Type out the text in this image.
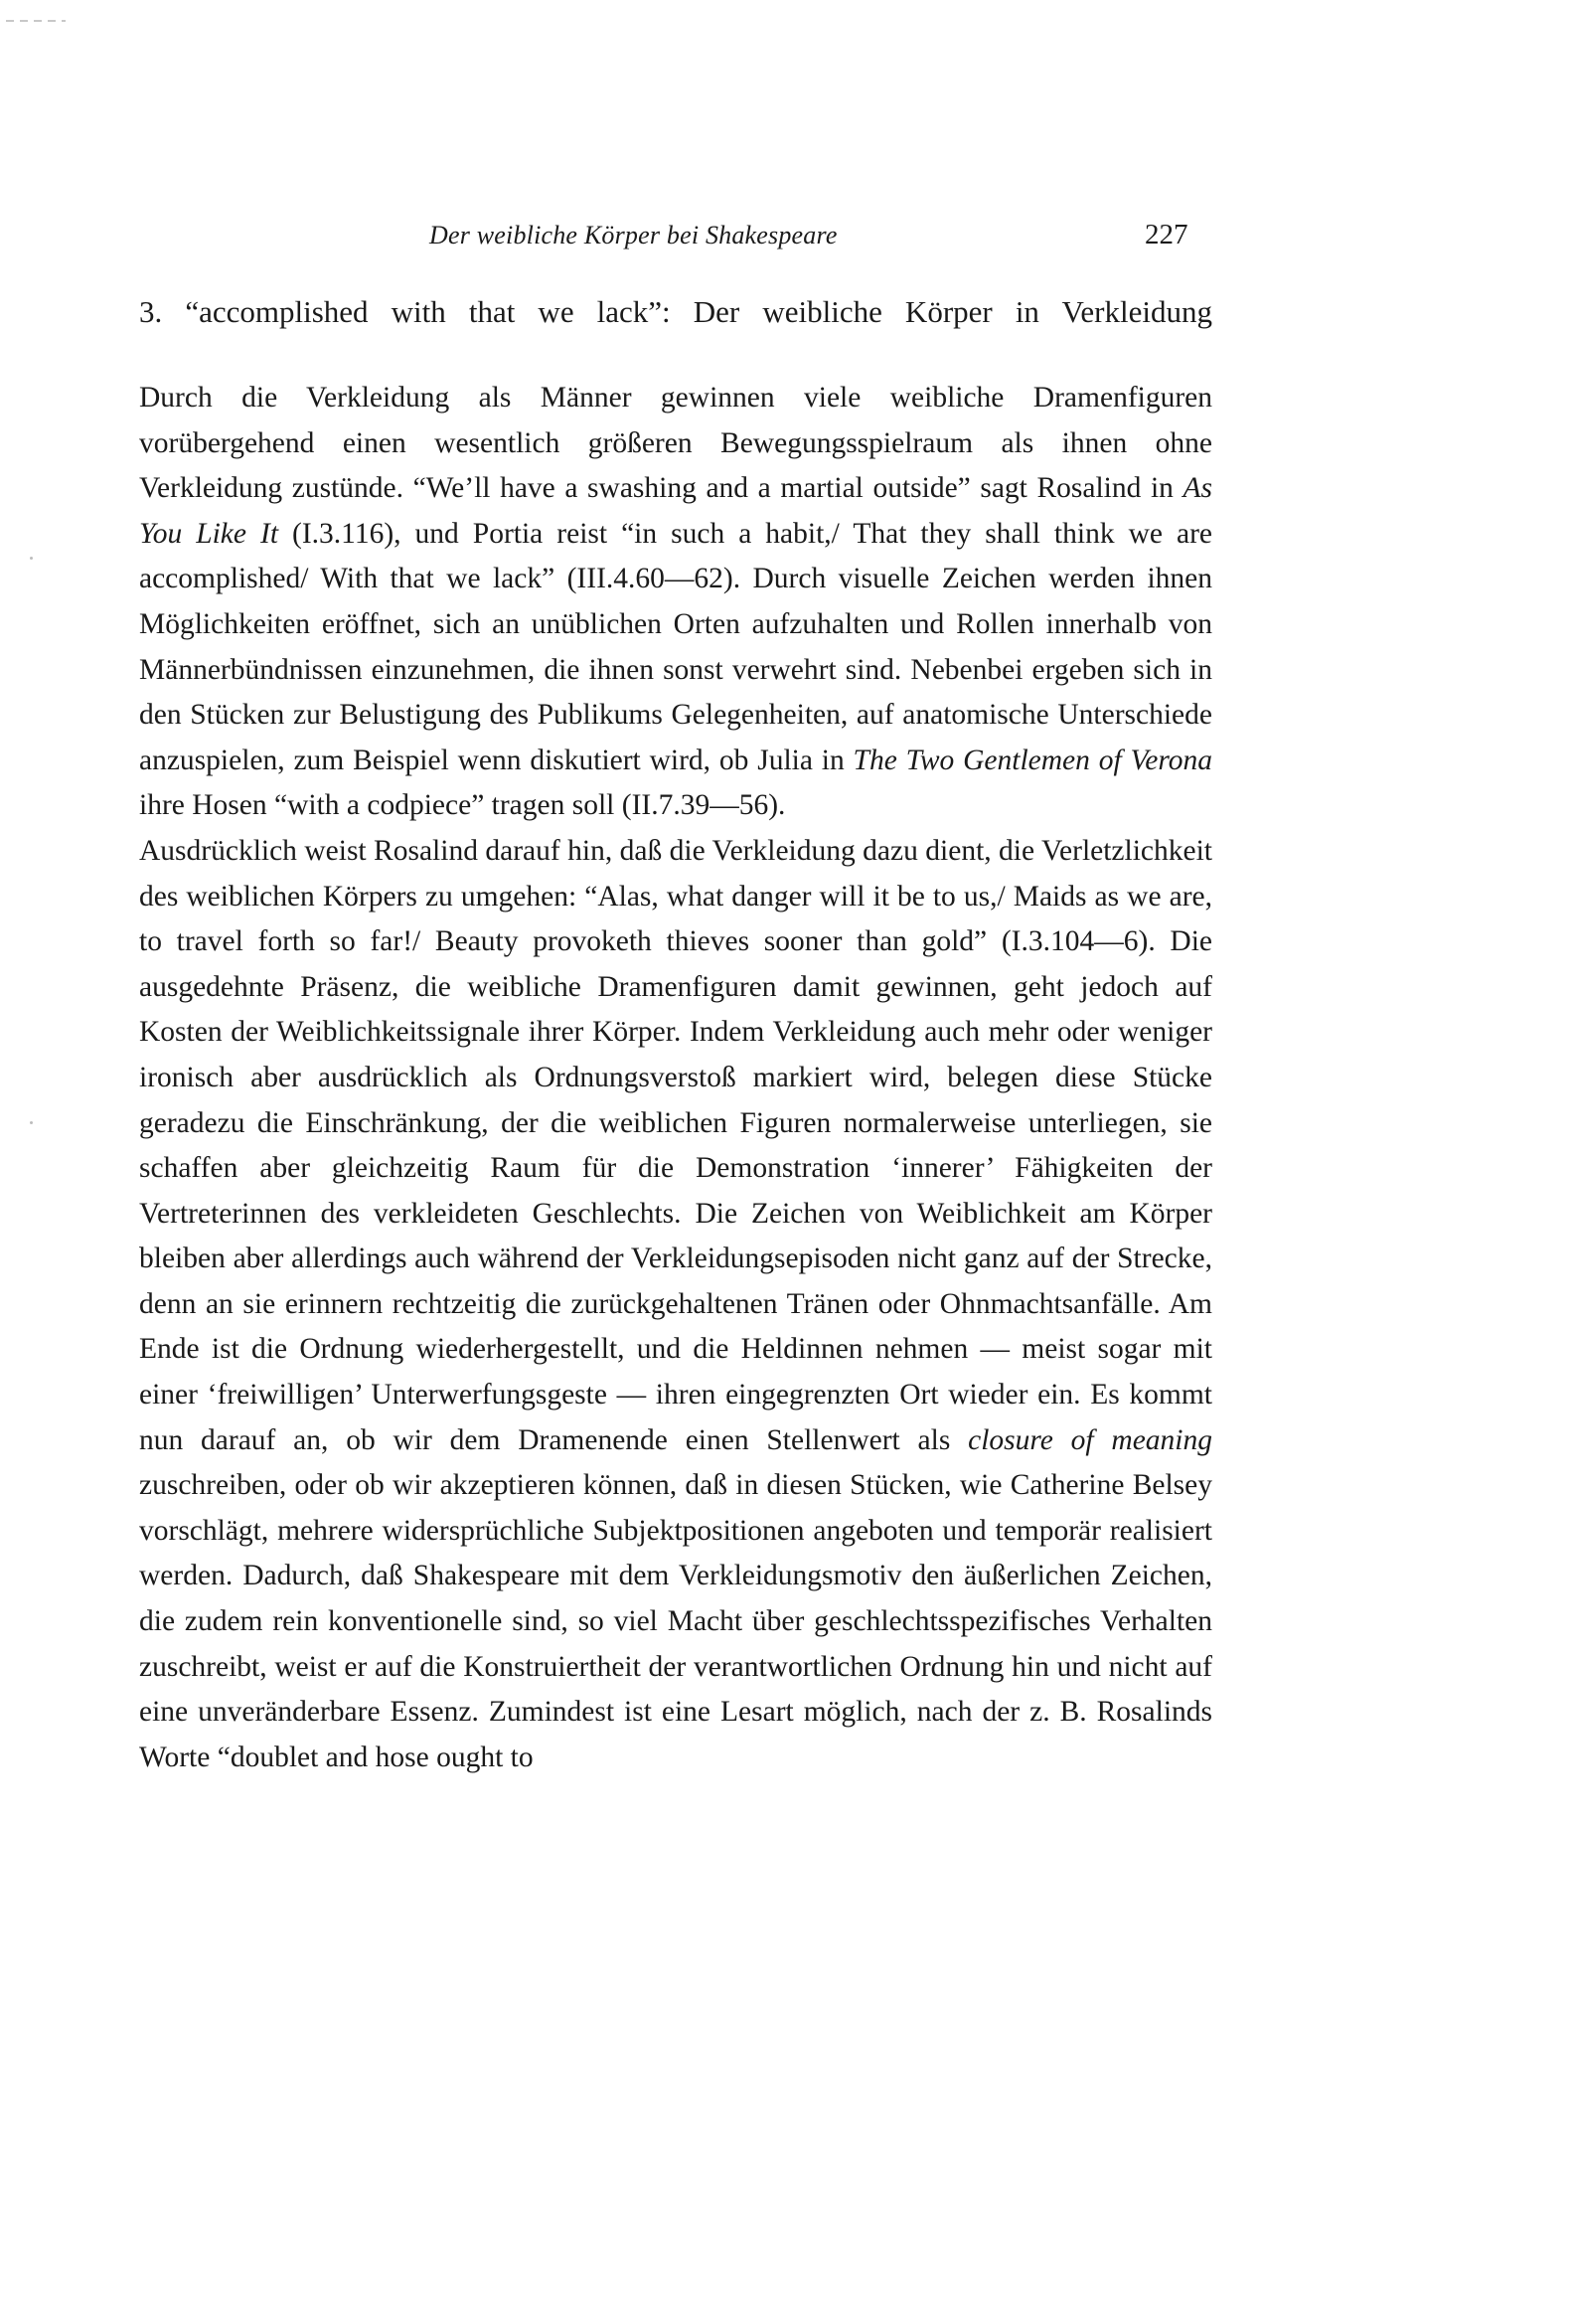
Der weibliche Körper bei Shakespeare	227
3. “accomplished with that we lack”: Der weibliche Körper in Verkleidung

Durch die Verkleidung als Männer gewinnen viele weibliche Dramenfiguren vorübergehend einen wesentlich größeren Bewegungsspielraum als ihnen ohne Verkleidung zustünde. “We’ll have a swashing and a martial outside” sagt Rosalind in As You Like It (I.3.116), und Portia reist “in such a habit,/ That they shall think we are accomplished/ With that we lack” (III.4.60—62). Durch visuelle Zeichen werden ihnen Möglichkeiten eröffnet, sich an unüblichen Orten aufzuhalten und Rollen innerhalb von Männerbündnissen einzunehmen, die ihnen sonst verwehrt sind. Nebenbei ergeben sich in den Stücken zur Belustigung des Publikums Gelegenheiten, auf anatomische Unterschiede anzuspielen, zum Beispiel wenn diskutiert wird, ob Julia in The Two Gentlemen of Verona ihre Hosen “with a codpiece” tragen soll (II.7.39—56).

Ausdrücklich weist Rosalind darauf hin, daß die Verkleidung dazu dient, die Verletzlichkeit des weiblichen Körpers zu umgehen: “Alas, what danger will it be to us,/ Maids as we are, to travel forth so far!/ Beauty provoketh thieves sooner than gold” (I.3.104—6). Die ausgedehnte Präsenz, die weibliche Dramenfiguren damit gewinnen, geht jedoch auf Kosten der Weiblichkeitssignale ihrer Körper. Indem Verkleidung auch mehr oder weniger ironisch aber ausdrücklich als Ordnungsverstoß markiert wird, belegen diese Stücke geradezu die Einschränkung, der die weiblichen Figuren normalerweise unterliegen, sie schaffen aber gleichzeitig Raum für die Demonstration ‘innerer’ Fähigkeiten der Vertreterinnen des verkleideten Geschlechts. Die Zeichen von Weiblichkeit am Körper bleiben aber allerdings auch während der Verkleidungsepisoden nicht ganz auf der Strecke, denn an sie erinnern rechtzeitig die zurückgehaltenen Tränen oder Ohnmachtsanfälle. Am Ende ist die Ordnung wiederhergestellt, und die Heldinnen nehmen — meist sogar mit einer ‘freiwilligen’ Unterwerfungsgeste — ihren eingegrenzten Ort wieder ein. Es kommt nun darauf an, ob wir dem Dramenende einen Stellenwert als closure of meaning zuschreiben, oder ob wir akzeptieren können, daß in diesen Stücken, wie Catherine Belsey vorschlägt, mehrere widersprüchliche Subjektpositionen angeboten und temporär realisiert werden. Dadurch, daß Shakespeare mit dem Verkleidungsmotiv den äußerlichen Zeichen, die zudem rein konventionelle sind, so viel Macht über geschlechtsspezifisches Verhalten zuschreibt, weist er auf die Konstruiertheit der verantwortlichen Ordnung hin und nicht auf eine unveränderbare Essenz. Zumindest ist eine Lesart möglich, nach der z. B. Rosalinds Worte “doublet and hose ought to
